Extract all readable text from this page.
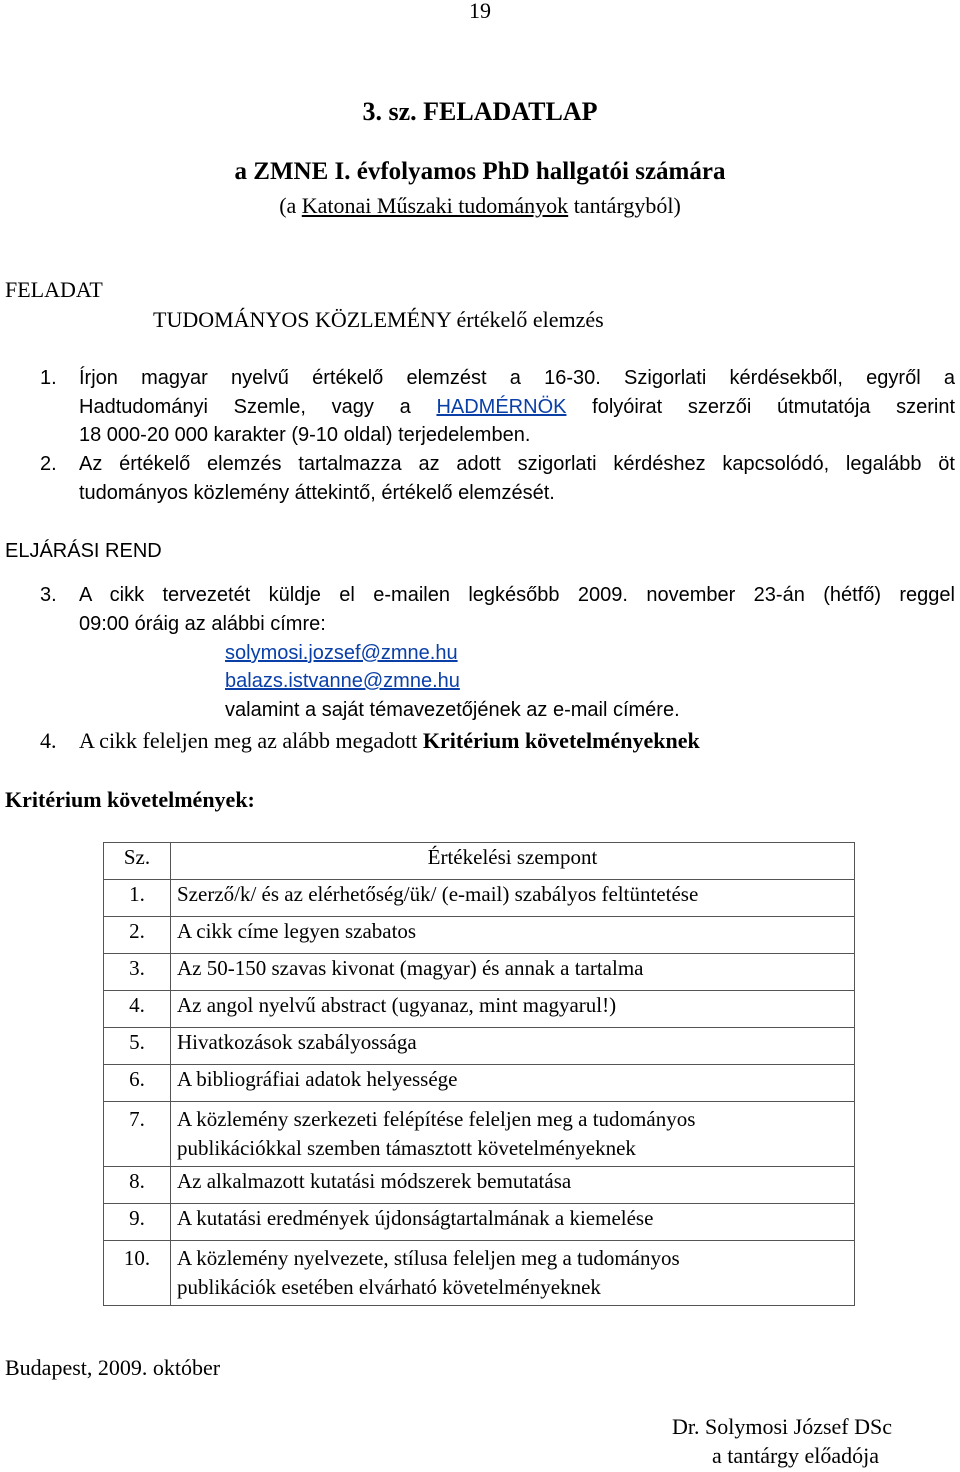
19
3. sz. FELADATLAP
a ZMNE I. évfolyamos PhD hallgatói számára
(a Katonai Műszaki tudományok tantárgyból)
FELADAT
TUDOMÁNYOS KÖZLEMÉNY értékelő elemzés
1. Írjon magyar nyelvű értékelő elemzést a 16-30. Szigorlati kérdésekből, egyről a
Hadtudományi Szemle, vagy a HADMÉRNÖK folyóirat szerzői útmutatója szerint
18 000-20 000 karakter (9-10 oldal) terjedelemben.
2. Az értékelő elemzés tartalmazza az adott szigorlati kérdéshez kapcsolódó, legalább öt
tudományos közlemény áttekintő, értékelő elemzését.
ELJÁRÁSI REND
3. A cikk tervezetét küldje el e-mailen legkésőbb 2009. november 23-án (hétfő) reggel
09:00 óráig az alábbi címre:
solymosi.jozsef@zmne.hu
balazs.istvanne@zmne.hu
valamint a saját témavezetőjének az e-mail címére.
4. A cikk feleljen meg az alább megadott Kritérium követelményeknek
Kritérium követelmények:
Sz.	Értékelési szempont
1.	Szerző/k/ és az elérhetőség/ük/ (e-mail) szabályos feltüntetése
2.	A cikk címe legyen szabatos
3.	Az 50-150 szavas kivonat (magyar) és annak a tartalma
4.	Az angol nyelvű abstract (ugyanaz, mint magyarul!)
5.	Hivatkozások szabályossága
6.	A bibliográfiai adatok helyessége
7.	A közlemény szerkezeti felépítése feleljen meg a tudományos
publikációkkal szemben támasztott követelményeknek

8.	Az alkalmazott kutatási módszerek bemutatása
9.	A kutatási eredmények újdonságtartalmának a kiemelése
10.	A közlemény nyelvezete, stílusa feleljen meg a tudományos
publikációk esetében elvárható követelményeknek
Budapest, 2009. október
Dr. Solymosi József DSc
a tantárgy előadója
